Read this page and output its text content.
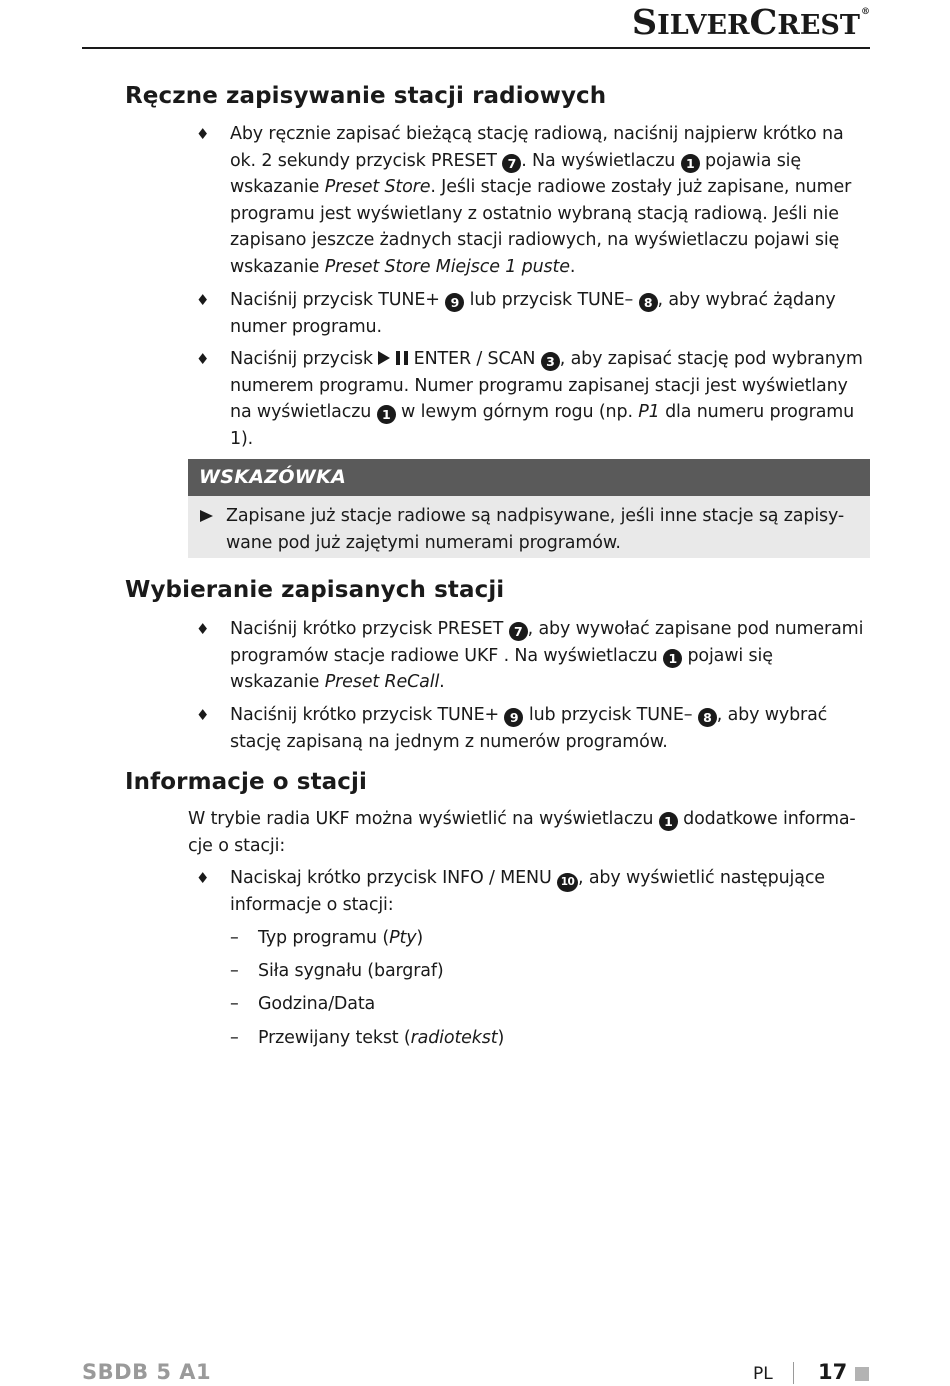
SILVERCREST®
Ręczne zapisywanie stacji radiowych
♦ Aby ręcznie zapisać bieżącą stację radiową, naciśnij najpierw krótko na ok. 2 sekundy przycisk PRESET 7 . Na wyświetlaczu 1 pojawia się wskazanie Preset Store. Jeśli stacje radiowe zostały już zapisane, numer programu jest wyświetlany z ostatnio wybraną stacją radiową. Jeśli nie zapisano jeszcze żadnych stacji radiowych, na wyświetlaczu pojawi się wskazanie Preset Store Miejsce 1 puste.

♦ Naciśnij przycisk TUNE+ 9 lub przycisk TUNE– 8 , aby wybrać żądany numer programu.

♦ Naciśnij przycisk  ENTER / SCAN 3 , aby zapisać stację pod wybranym numerem programu. Numer programu zapisanej stacji jest wyświetlany na wyświetlaczu 1 w lewym górnym rogu (np. P1 dla numeru programu 1).

WSKAZÓWKA

Zapisane już stacje radiowe są nadpisywane, jeśli inne stacje są zapisy-wane pod już zajętymi numerami programów.

Wybieranie zapisanych stacji
♦ Naciśnij krótko przycisk PRESET 7 , aby wywołać zapisane pod numerami programów stacje radiowe UKF . Na wyświetlaczu 1 pojawi się wskazanie Preset ReCall.

♦ Naciśnij krótko przycisk TUNE+ 9 lub przycisk TUNE– 8 , aby wybrać stację zapisaną na jednym z numerów programów.

Informacje o stacji

W trybie radia UKF można wyświetlić na wyświetlaczu 1 dodatkowe informa-cje o stacji:

♦ Naciskaj krótko przycisk INFO / MENU 10 , aby wyświetlić następujące informacje o stacji:

– Typ programu (Pty)

– Siła sygnału (bargraf)

– Godzina/Data

– Przewijany tekst (radiotekst)

SBDB 5 A1	PL 17
